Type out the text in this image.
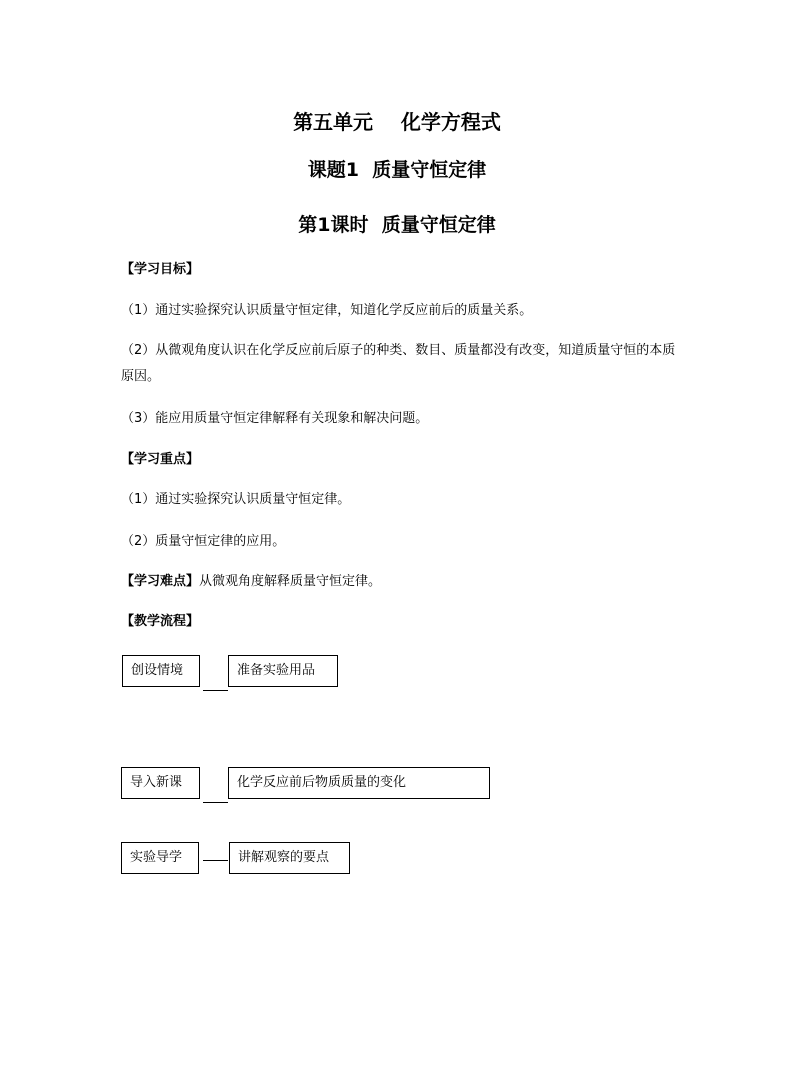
第五单元    化学方程式
课题1  质量守恒定律
第1课时  质量守恒定律

【学习目标】

（1）通过实验探究认识质量守恒定律，知道化学反应前后的质量关系。

（2）从微观角度认识在化学反应前后原子的种类、数目、质量都没有改变，知道质量守恒的本质原因。

（3）能应用质量守恒定律解释有关现象和解决问题。

【学习重点】

（1）通过实验探究认识质量守恒定律。

（2）质量守恒定律的应用。

【学习难点】从微观角度解释质量守恒定律。

【教学流程】

创设情境	准备实验用品
导入新课	化学反应前后物质质量的变化
实验导学	讲解观察的要点
